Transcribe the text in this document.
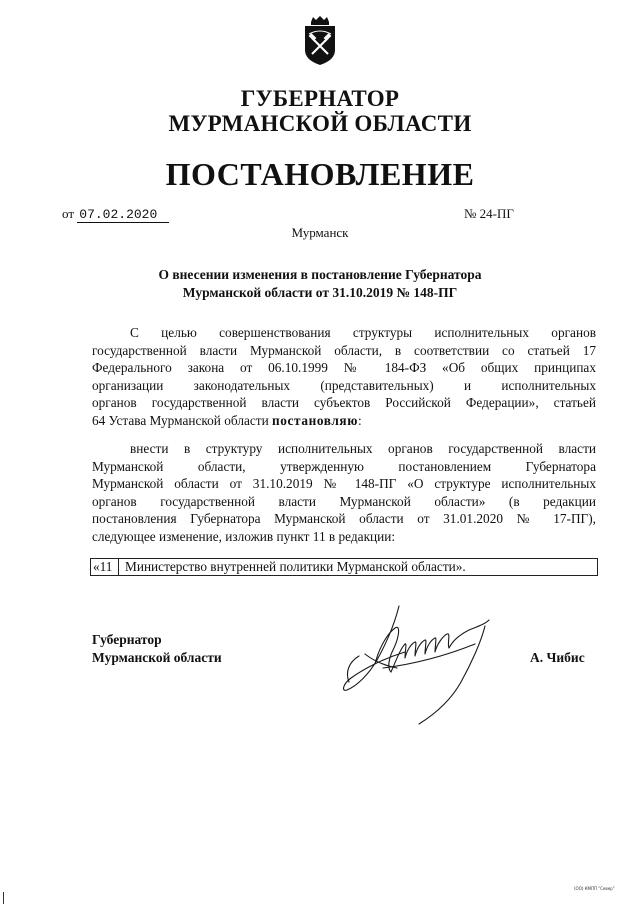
ГУБЕРНАТОР
МУРМАНСКОЙ ОБЛАСТИ
ПОСТАНОВЛЕНИЕ
от 07.02.2020	№ 24-ПГ
Мурманск
О внесении изменения в постановление Губернатора
Мурманской области от 31.10.2019 № 148-ПГ
С целью совершенствования структуры исполнительных органов
государственной власти Мурманской области, в соответствии со статьей 17
Федерального закона от 06.10.1999 № 184-ФЗ «Об общих принципах
организации законодательных (представительных) и исполнительных
органов государственной власти субъектов Российской Федерации», статьей
64 Устава Мурманской области постановляю:
внести в структуру исполнительных органов государственной власти
Мурманской области, утвержденную постановлением Губернатора
Мурманской области от 31.10.2019 № 148-ПГ «О структуре исполнительных
органов государственной власти Мурманской области» (в редакции
постановления Губернатора Мурманской области от 31.01.2020 № 17-ПГ),
следующее изменение, изложив пункт 11 в редакции:
«11 Министерство внутренней политики Мурманской области».
Губернатор
Мурманской области	А. Чибис
(ОО) КМПП "Север"
